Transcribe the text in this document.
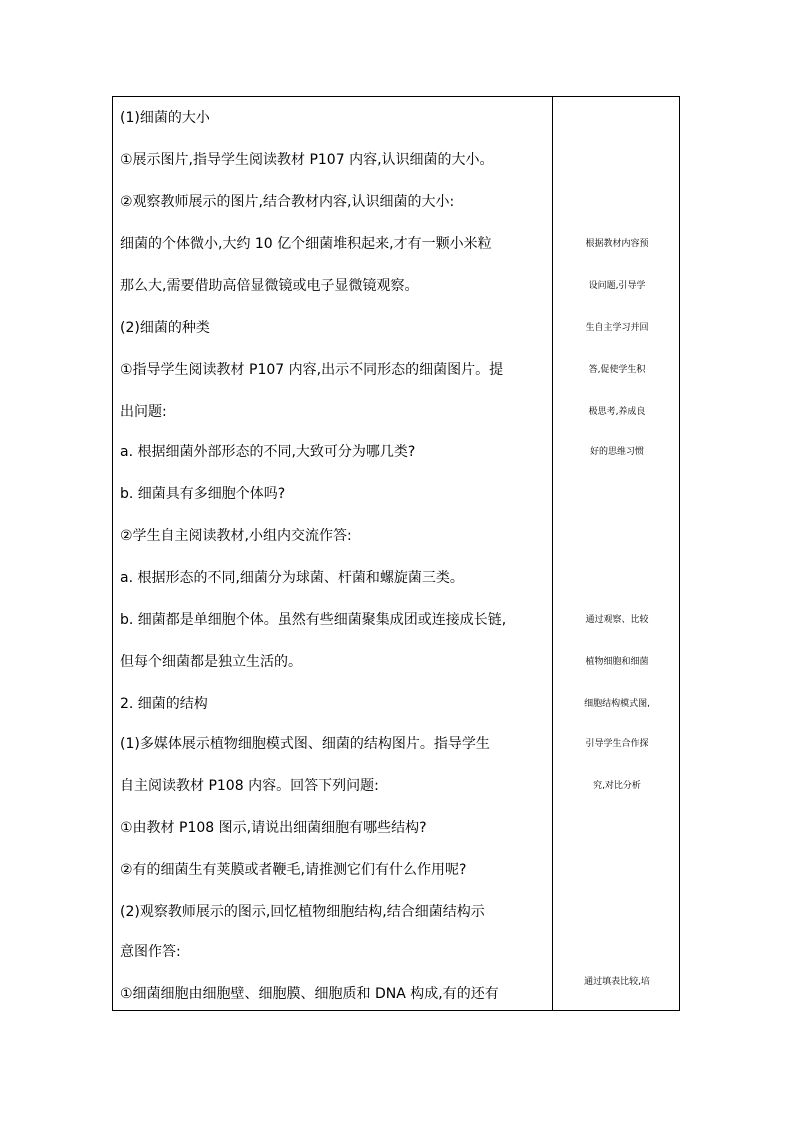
(1)细菌的大小
①展示图片,指导学生阅读教材 P107 内容,认识细菌的大小。
②观察教师展示的图片,结合教材内容,认识细菌的大小:
细菌的个体微小,大约 10 亿个细菌堆积起来,才有一颗小米粒
那么大,需要借助高倍显微镜或电子显微镜观察。
(2)细菌的种类
①指导学生阅读教材 P107 内容,出示不同形态的细菌图片。提
出问题:
a. 根据细菌外部形态的不同,大致可分为哪几类?
b. 细菌具有多细胞个体吗?
②学生自主阅读教材,小组内交流作答:
a. 根据形态的不同,细菌分为球菌、杆菌和螺旋菌三类。
b. 细菌都是单细胞个体。虽然有些细菌聚集成团或连接成长链,
但每个细菌都是独立生活的。
2. 细菌的结构
(1)多媒体展示植物细胞模式图、细菌的结构图片。指导学生
自主阅读教材 P108 内容。回答下列问题:
①由教材 P108 图示,请说出细菌细胞有哪些结构?
②有的细菌生有荚膜或者鞭毛,请推测它们有什么作用呢?
(2)观察教师展示的图示,回忆植物细胞结构,结合细菌结构示
意图作答:
①细菌细胞由细胞壁、细胞膜、细胞质和 DNA 构成,有的还有
根据教材内容预
设问题,引导学
生自主学习并回
答,促使学生积
极思考,养成良
好的思维习惯
通过观察、比较
植物细胞和细菌
细胞结构模式图,
引导学生合作探
究,对比分析
通过填表比较,培
